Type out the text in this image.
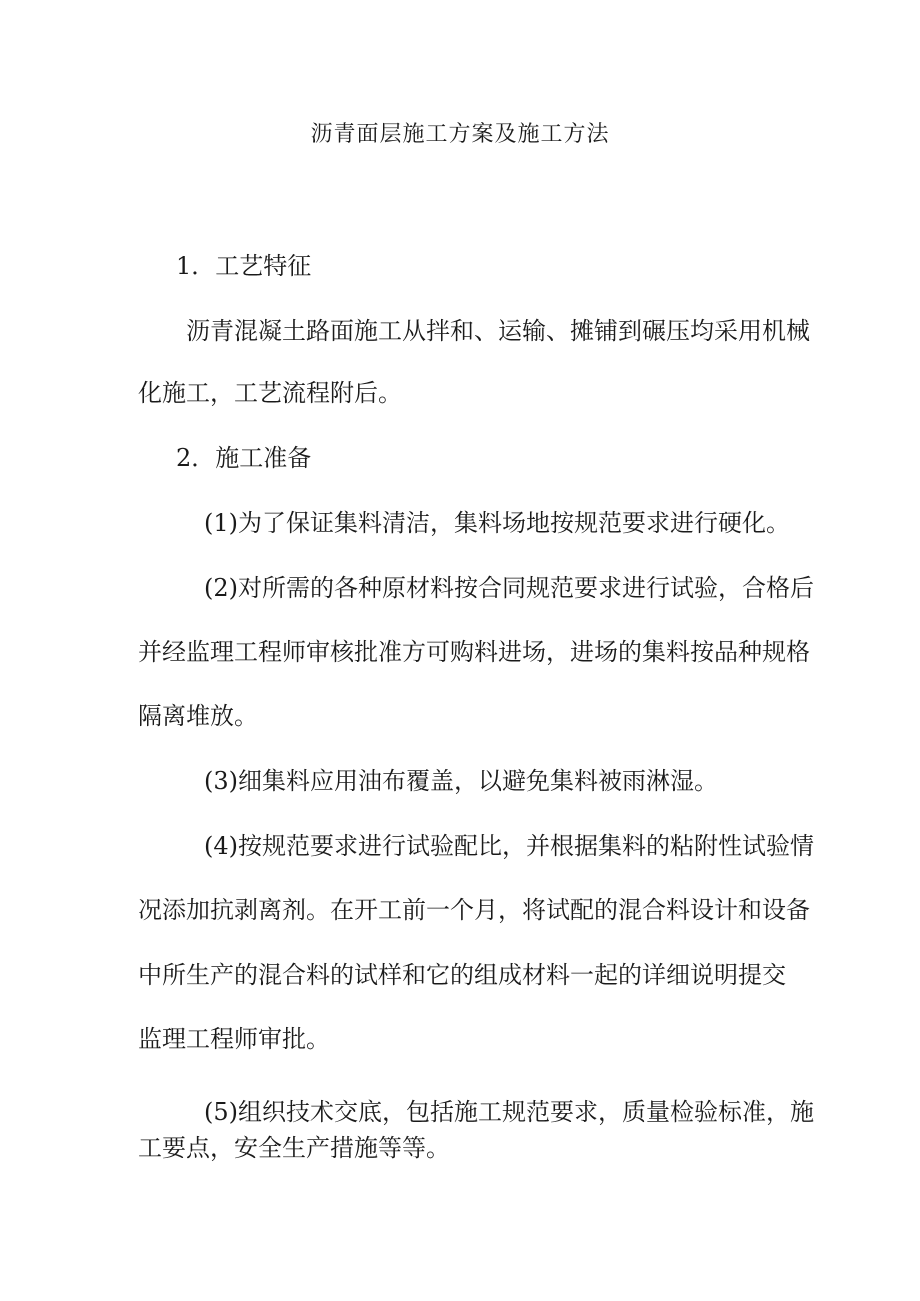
沥青面层施工方案及施工方法
1．工艺特征
沥青混凝土路面施工从拌和、运输、摊铺到碾压均采用机械
化施工，工艺流程附后。
2．施工准备
(1)为了保证集料清洁，集料场地按规范要求进行硬化。
(2)对所需的各种原材料按合同规范要求进行试验，合格后
并经监理工程师审核批准方可购料进场，进场的集料按品种规格
隔离堆放。
(3)细集料应用油布覆盖，以避免集料被雨淋湿。
(4)按规范要求进行试验配比，并根据集料的粘附性试验情
况添加抗剥离剂。在开工前一个月，将试配的混合料设计和设备
中所生产的混合料的试样和它的组成材料一起的详细说明提交
监理工程师审批。
(5)组织技术交底，包括施工规范要求，质量检验标准，施
工要点，安全生产措施等等。
